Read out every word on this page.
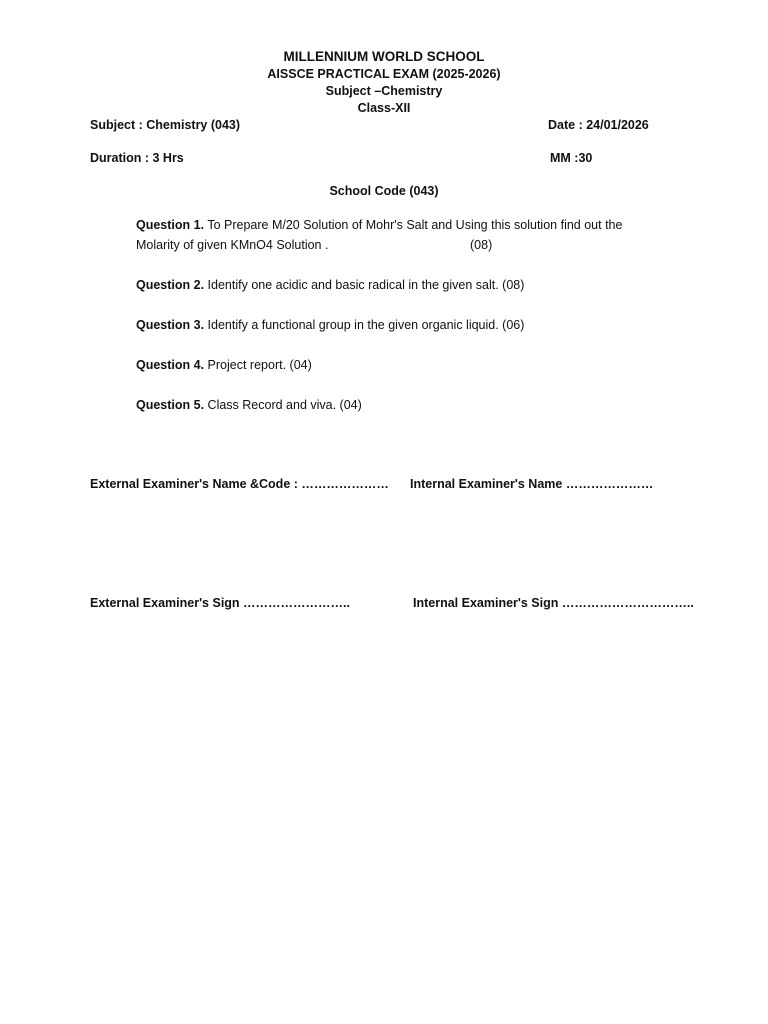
MILLENNIUM WORLD SCHOOL
AISSCE PRACTICAL EXAM (2025-2026)
Subject –Chemistry
Class-XII
Subject : Chemistry (043)	Date : 24/01/2026
Duration : 3 Hrs	MM :30
School Code (043)
Question 1. To Prepare M/20 Solution of Mohr's Salt and Using this solution find out the
Molarity of given KMnO4 Solution .	(08)
Question 2. Identify one acidic and basic radical in the given salt. (08)
Question 3. Identify a functional group in the given organic liquid. (06)
Question 4. Project report. (04)
Question 5. Class Record and viva. (04)
External Examiner's Name &Code : ………………… Internal Examiner's Name …………………
External Examiner's Sign ……………………..	Internal Examiner's Sign …………………………..
